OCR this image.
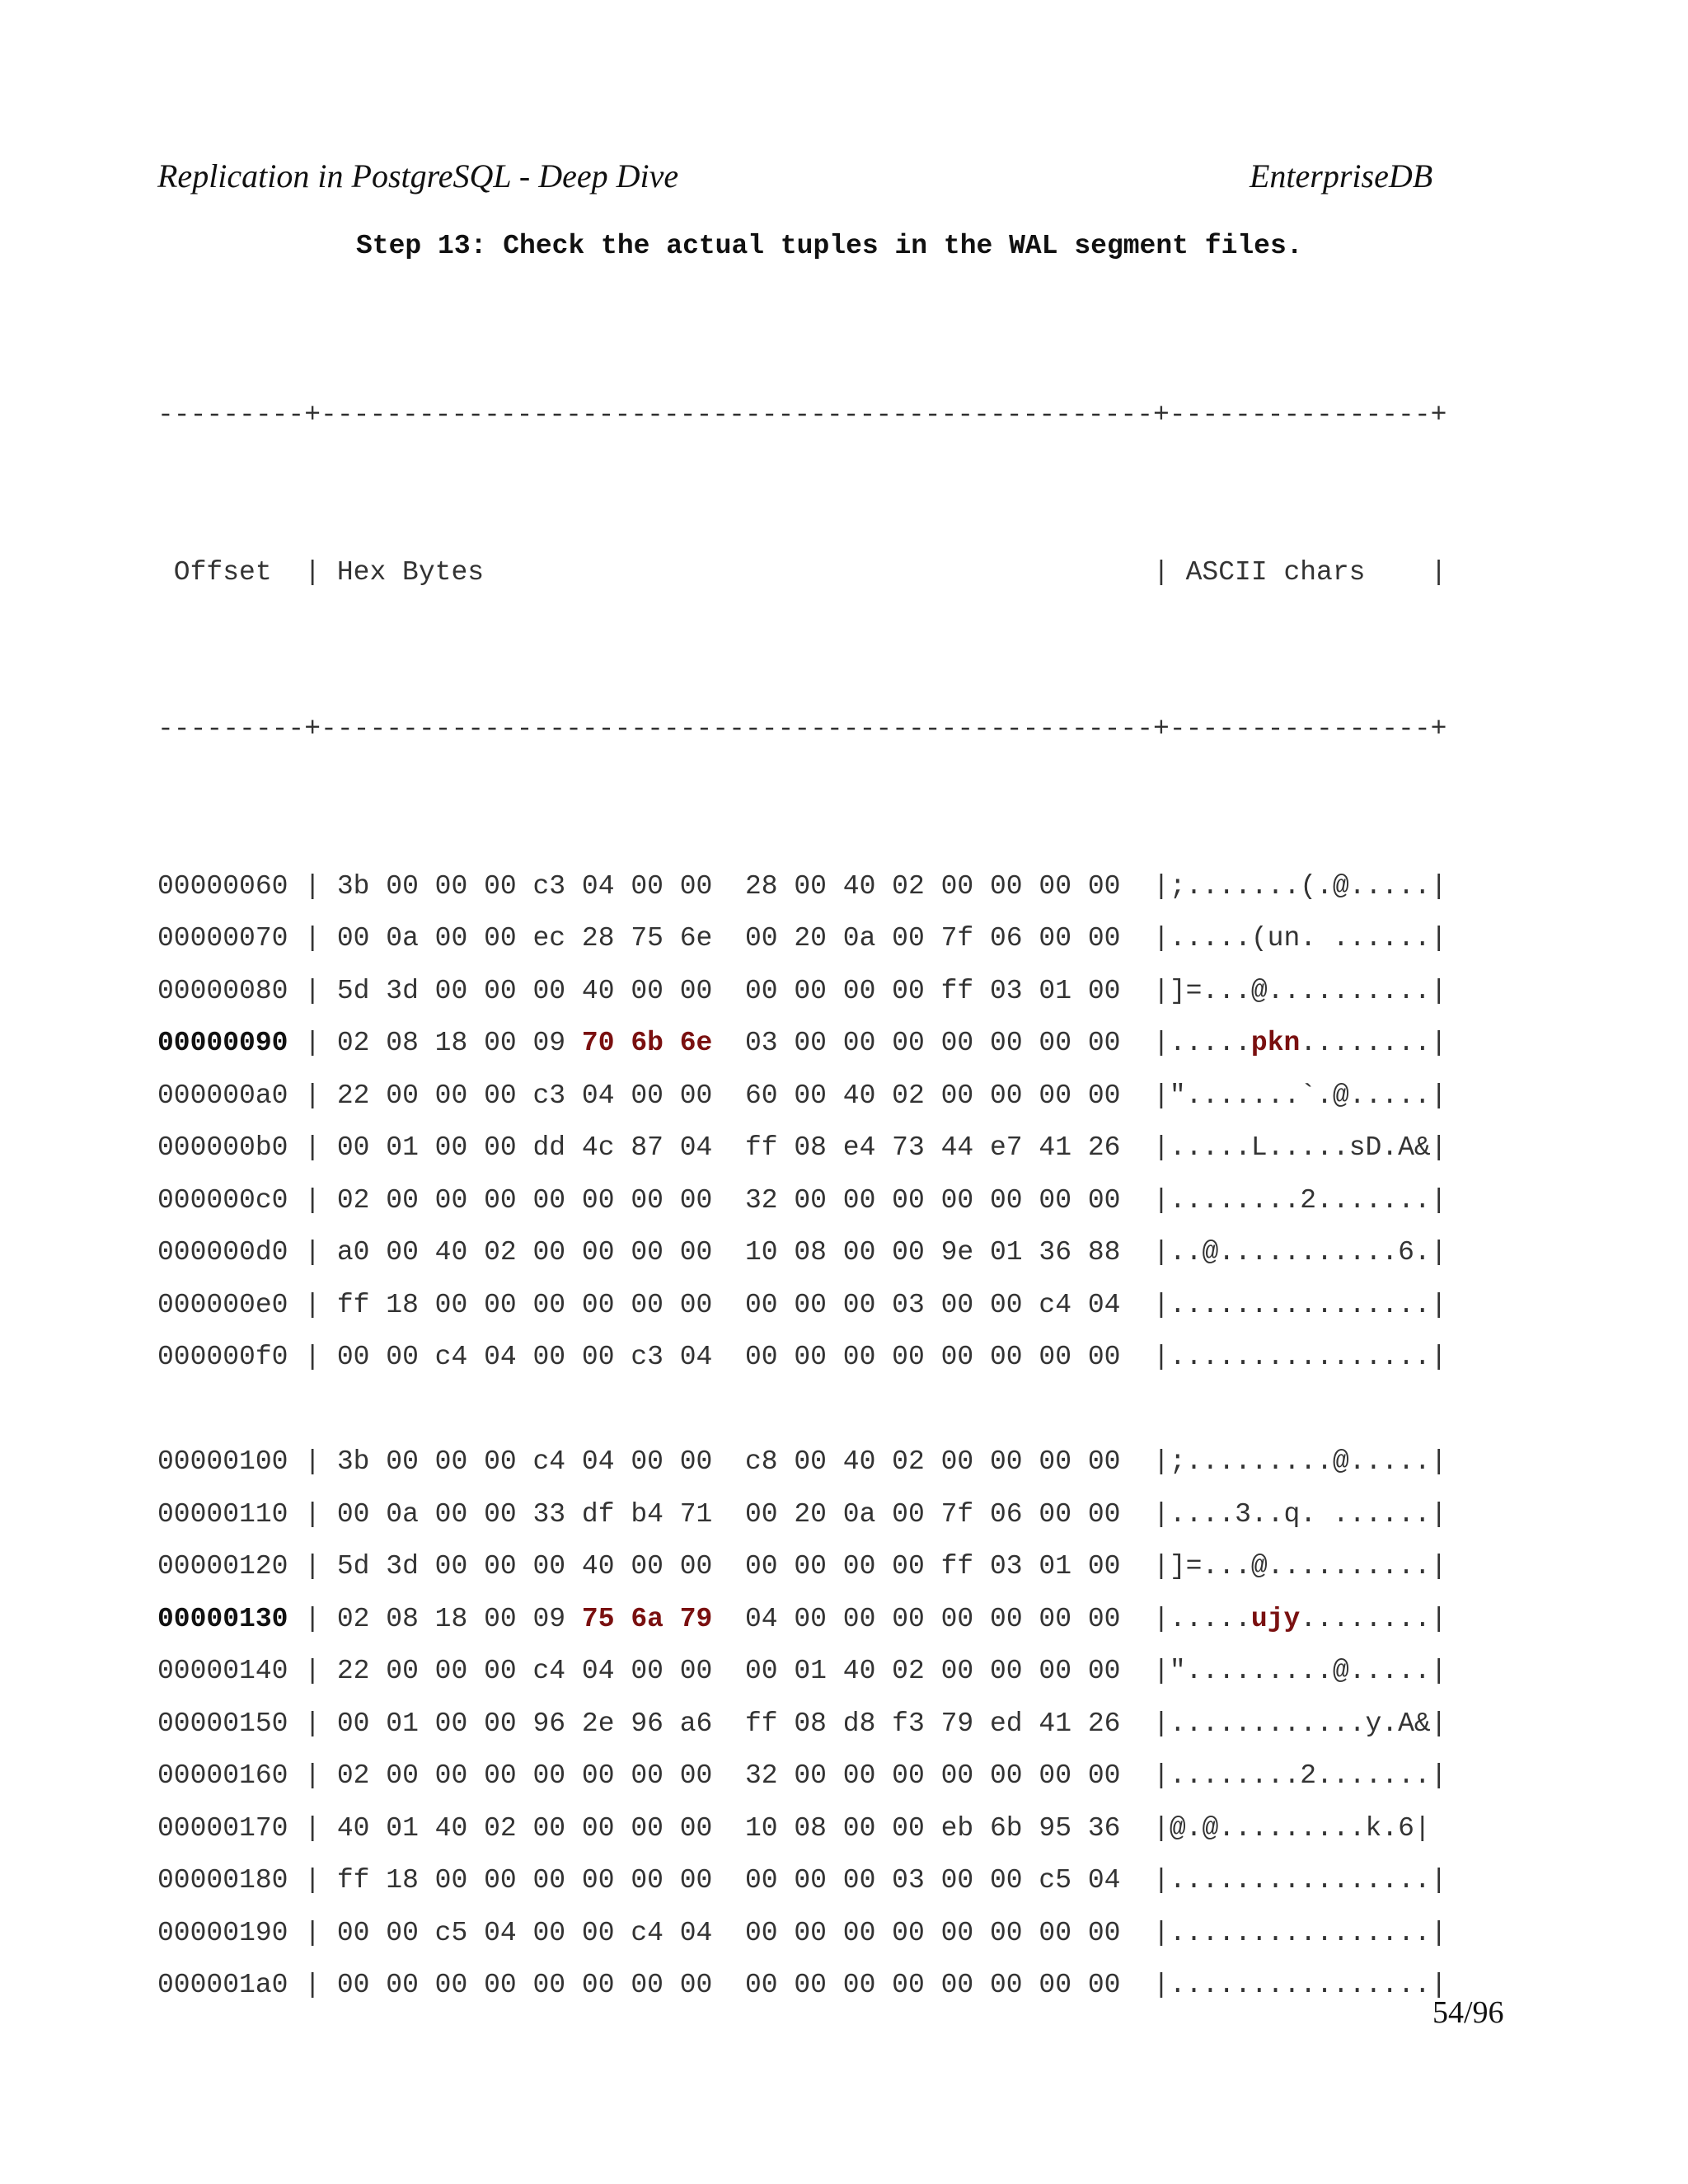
Replication in PostgreSQL - Deep Dive	EnterpriseDB
Step 13: Check the actual tuples in the WAL segment files.

---------+---------------------------------------------------+----------------+

Offset  | Hex Bytes                                         | ASCII chars    |

---------+---------------------------------------------------+----------------+

00000060 | 3b 00 00 00 c3 04 00 00 28 00 40 02 00 00 00 00  |;.......(.@.....|
00000070 | 00 0a 00 00 ec 28 75 6e 00 20 0a 00 7f 06 00 00  |.....(un. ......|
00000080 | 5d 3d 00 00 00 40 00 00 00 00 00 00 ff 03 01 00  |]=...@..........|
00000090 | 02 08 18 00 09 70 6b 6e 03 00 00 00 00 00 00 00  |.....pkn........|
000000a0 | 22 00 00 00 c3 04 00 00 60 00 40 02 00 00 00 00  |".......`.@.....|
000000b0 | 00 01 00 00 dd 4c 87 04 ff 08 e4 73 44 e7 41 26  |.....L.....sD.A&|
000000c0 | 02 00 00 00 00 00 00 00 32 00 00 00 00 00 00 00  |........2.......|
000000d0 | a0 00 40 02 00 00 00 00 10 08 00 00 9e 01 36 88  |..@...........6.|
000000e0 | ff 18 00 00 00 00 00 00 00 00 00 03 00 00 c4 04  |................|
000000f0 | 00 00 c4 04 00 00 c3 04 00 00 00 00 00 00 00 00  |................|
00000100 | 3b 00 00 00 c4 04 00 00 c8 00 40 02 00 00 00 00  |;.........@.....|
00000110 | 00 0a 00 00 33 df b4 71 00 20 0a 00 7f 06 00 00  |....3..q. ......|
00000120 | 5d 3d 00 00 00 40 00 00 00 00 00 00 ff 03 01 00  |]=...@..........|
00000130 | 02 08 18 00 09 75 6a 79 04 00 00 00 00 00 00 00  |.....ujy........|
00000140 | 22 00 00 00 c4 04 00 00 00 01 40 02 00 00 00 00  |".........@.....|
00000150 | 00 01 00 00 96 2e 96 a6 ff 08 d8 f3 79 ed 41 26  |............y.A&|
00000160 | 02 00 00 00 00 00 00 00 32 00 00 00 00 00 00 00  |........2.......|
00000170 | 40 01 40 02 00 00 00 00 10 08 00 00 eb 6b 95 36  |@.@.........k.6|
00000180 | ff 18 00 00 00 00 00 00 00 00 00 03 00 00 c5 04  |................|
00000190 | 00 00 c5 04 00 00 c4 04 00 00 00 00 00 00 00 00  |................|
000001a0 | 00 00 00 00 00 00 00 00 00 00 00 00 00 00 00 00  |................|

54/96
